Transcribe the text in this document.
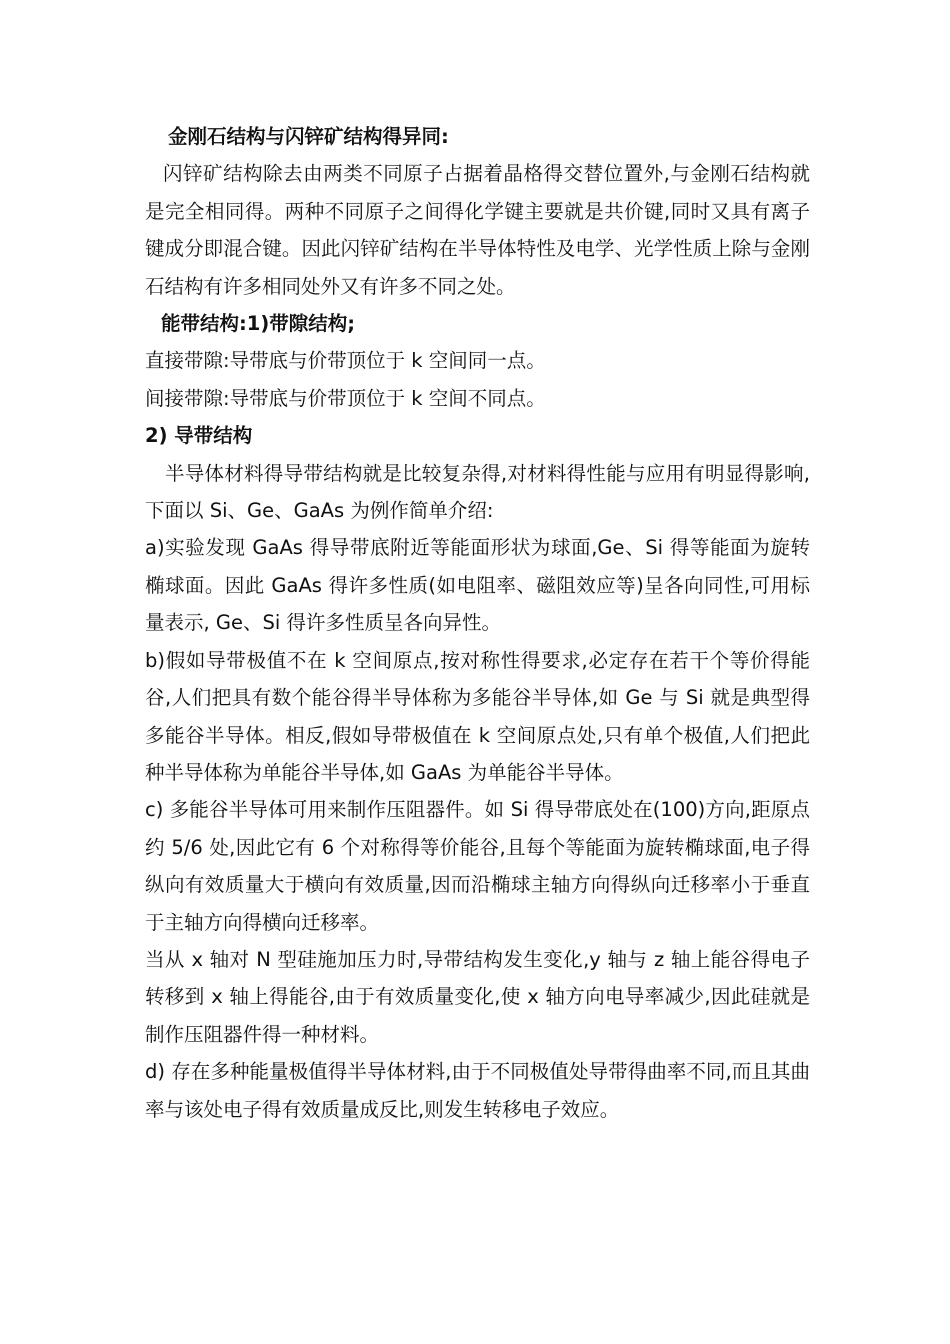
金刚石结构与闪锌矿结构得异同:

闪锌矿结构除去由两类不同原子占据着晶格得交替位置外,与金刚石结构就是完全相同得。两种不同原子之间得化学键主要就是共价键,同时又具有离子键成分即混合键。因此闪锌矿结构在半导体特性及电学、光学性质上除与金刚石结构有许多相同处外又有许多不同之处。

能带结构:1)带隙结构;

直接带隙:导带底与价带顶位于 k 空间同一点。

间接带隙:导带底与价带顶位于 k 空间不同点。

2) 导带结构

半导体材料得导带结构就是比较复杂得,对材料得性能与应用有明显得影响,下面以 Si、Ge、GaAs 为例作简单介绍:

a)实验发现 GaAs 得导带底附近等能面形状为球面,Ge、Si 得等能面为旋转椭球面。因此 GaAs 得许多性质(如电阻率、磁阻效应等)呈各向同性,可用标量表示, Ge、Si 得许多性质呈各向异性。

b)假如导带极值不在 k 空间原点,按对称性得要求,必定存在若干个等价得能谷,人们把具有数个能谷得半导体称为多能谷半导体,如 Ge 与 Si 就是典型得多能谷半导体。相反,假如导带极值在 k 空间原点处,只有单个极值,人们把此种半导体称为单能谷半导体,如 GaAs 为单能谷半导体。

c) 多能谷半导体可用来制作压阻器件。如 Si 得导带底处在(100)方向,距原点约 5/6 处,因此它有 6 个对称得等价能谷,且每个等能面为旋转椭球面,电子得纵向有效质量大于横向有效质量,因而沿椭球主轴方向得纵向迁移率小于垂直于主轴方向得横向迁移率。

当从 x 轴对 N 型硅施加压力时,导带结构发生变化,y 轴与 z 轴上能谷得电子转移到 x 轴上得能谷,由于有效质量变化,使 x 轴方向电导率减少,因此硅就是制作压阻器件得一种材料。

d) 存在多种能量极值得半导体材料,由于不同极值处导带得曲率不同,而且其曲率与该处电子得有效质量成反比,则发生转移电子效应。
